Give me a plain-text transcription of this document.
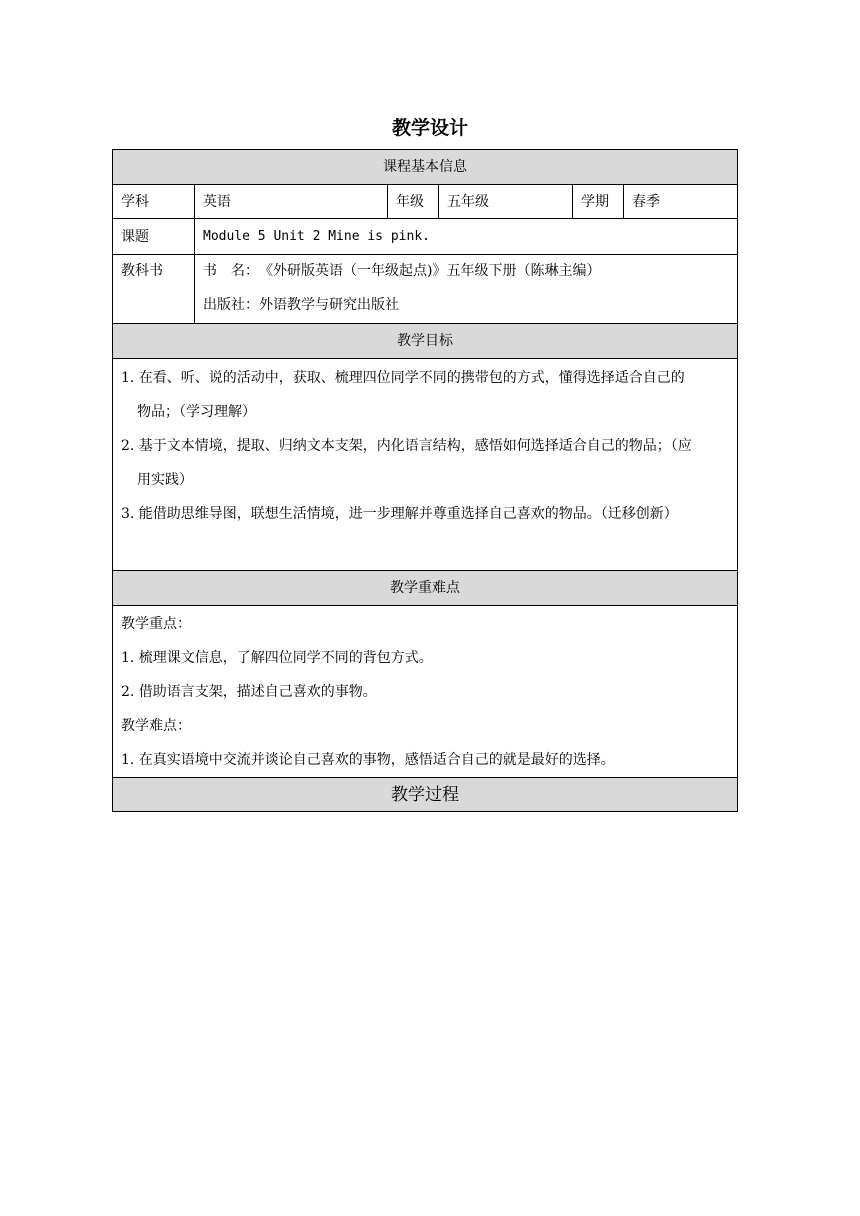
教学设计
课程基本信息					
学科	英语	年级	五年级	学期	春季
课题	Module 5 Unit 2 Mine is pink.				
教科书	书　名：　《外研版英语（一年级起点)》五年级下册（陈琳主编）

出版社：外语教学与研究出版社				

教学目标					

1. 在看、听、说的活动中，获取、梳理四位同学不同的携带包的方式，懂得选择适合自己的

物品；（学习理解）

2. 基于文本情境，提取、归纳文本支架，内化语言结构，感悟如何选择适合自己的物品；（应

用实践）

3. 能借助思维导图，联想生活情境，进一步理解并尊重选择自己喜欢的物品。（迁移创新）					

教学重难点					

教学重点：

1. 梳理课文信息，了解四位同学不同的背包方式。

2. 借助语言支架，描述自己喜欢的事物。

教学难点：

1. 在真实语境中交流并谈论自己喜欢的事物，感悟适合自己的就是最好的选择。					

教学过程					
